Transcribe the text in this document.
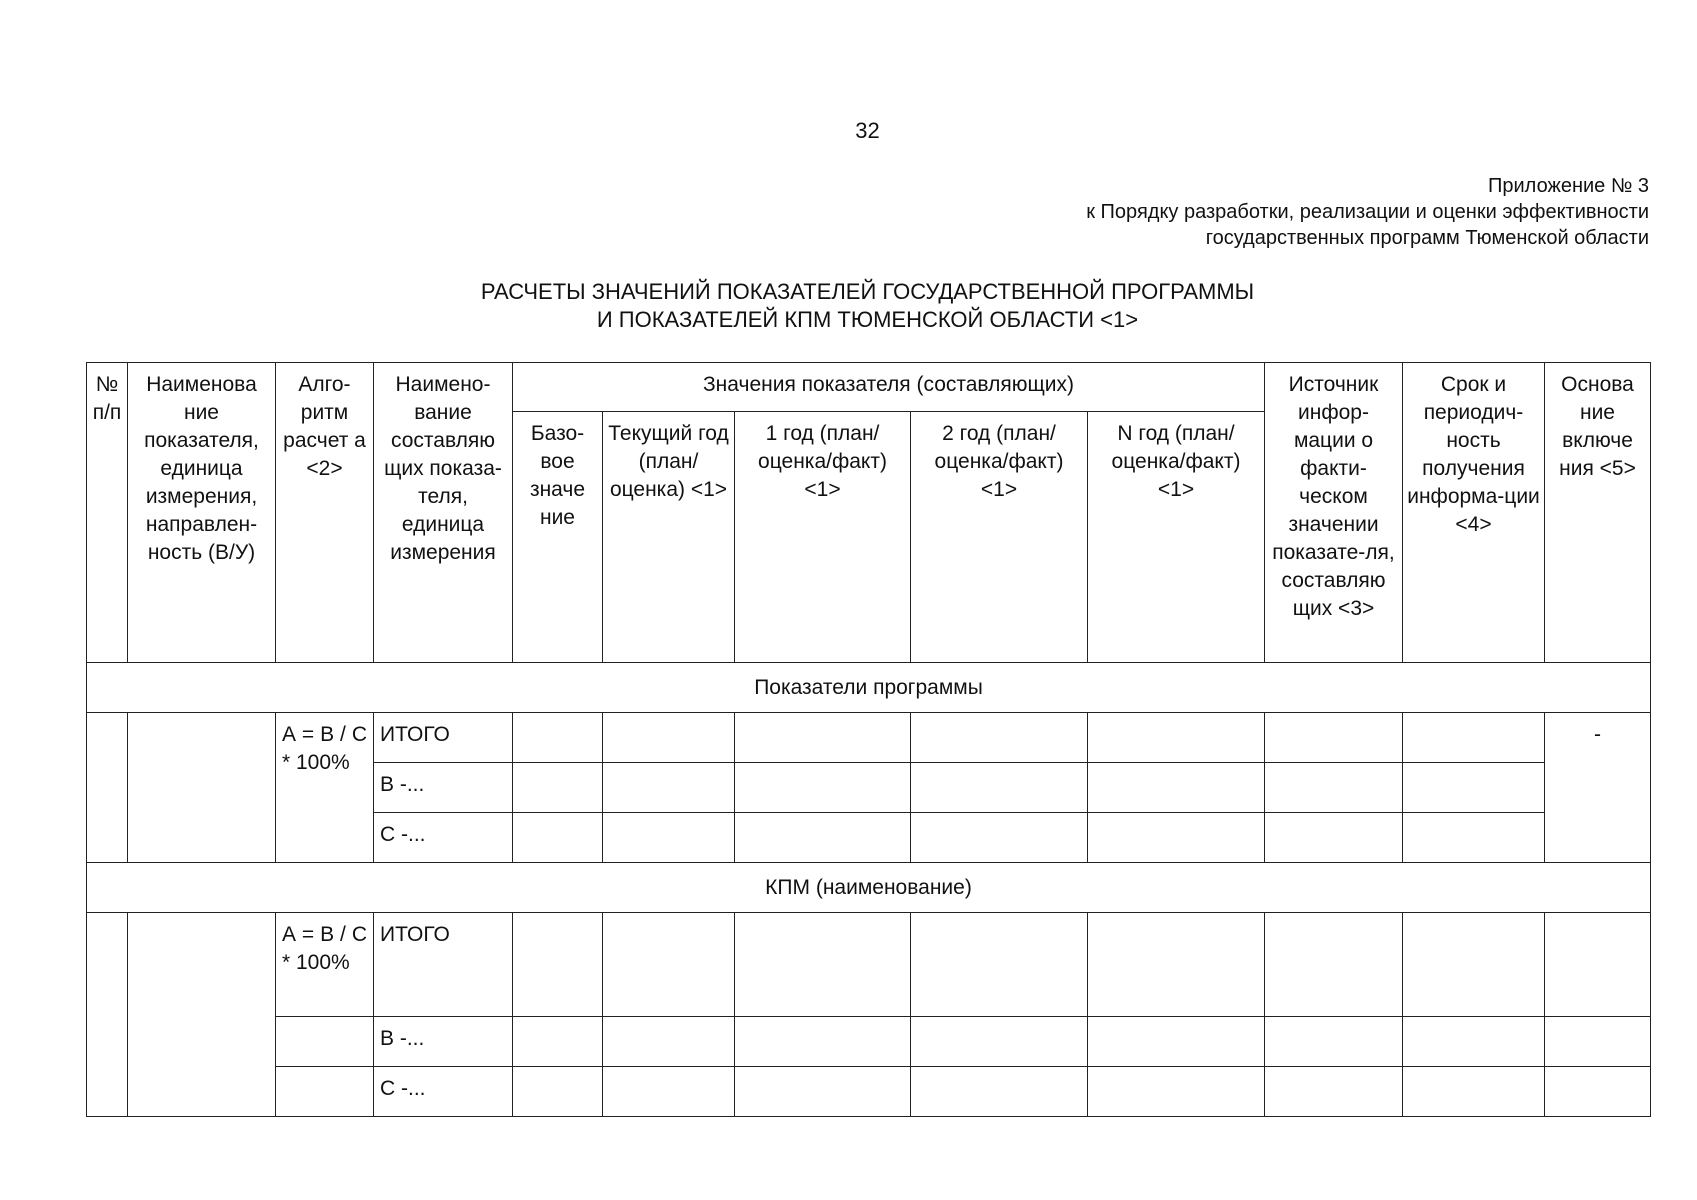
32
Приложение № 3
к Порядку разработки, реализации и оценки эффективности
государственных программ Тюменской области
РАСЧЕТЫ ЗНАЧЕНИЙ ПОКАЗАТЕЛЕЙ ГОСУДАРСТВЕННОЙ ПРОГРАММЫ
И ПОКАЗАТЕЛЕЙ КПМ ТЮМЕНСКОЙ ОБЛАСТИ <1>
№ п/п	Наименова ние показателя, единица измерения, направлен-ность (В/У)	Алго-ритм расчет а <2>	Наимено-вание составляю щих показа-теля, единица измерения	Значения показателя (составляющих)					Источник инфор-мации о факти-ческом значении показате-ля, составляю щих <3>	Срок и периодич-ность получения информа-ции <4>	Основа ние включе ния <5>
				Базо-вое значе ние	Текущий год (план/ оценка) <1>	1 год (план/ оценка/факт) <1>	2 год (план/ оценка/факт) <1>	N год (план/ оценка/факт) <1>			
Показатели программы											

		А = В / С * 100%	ИТОГО								-
			В -...								
			С -...								
КПМ (наименование)											

		А = В / С * 100%	ИТОГО								
			В -...								
			С -...								
